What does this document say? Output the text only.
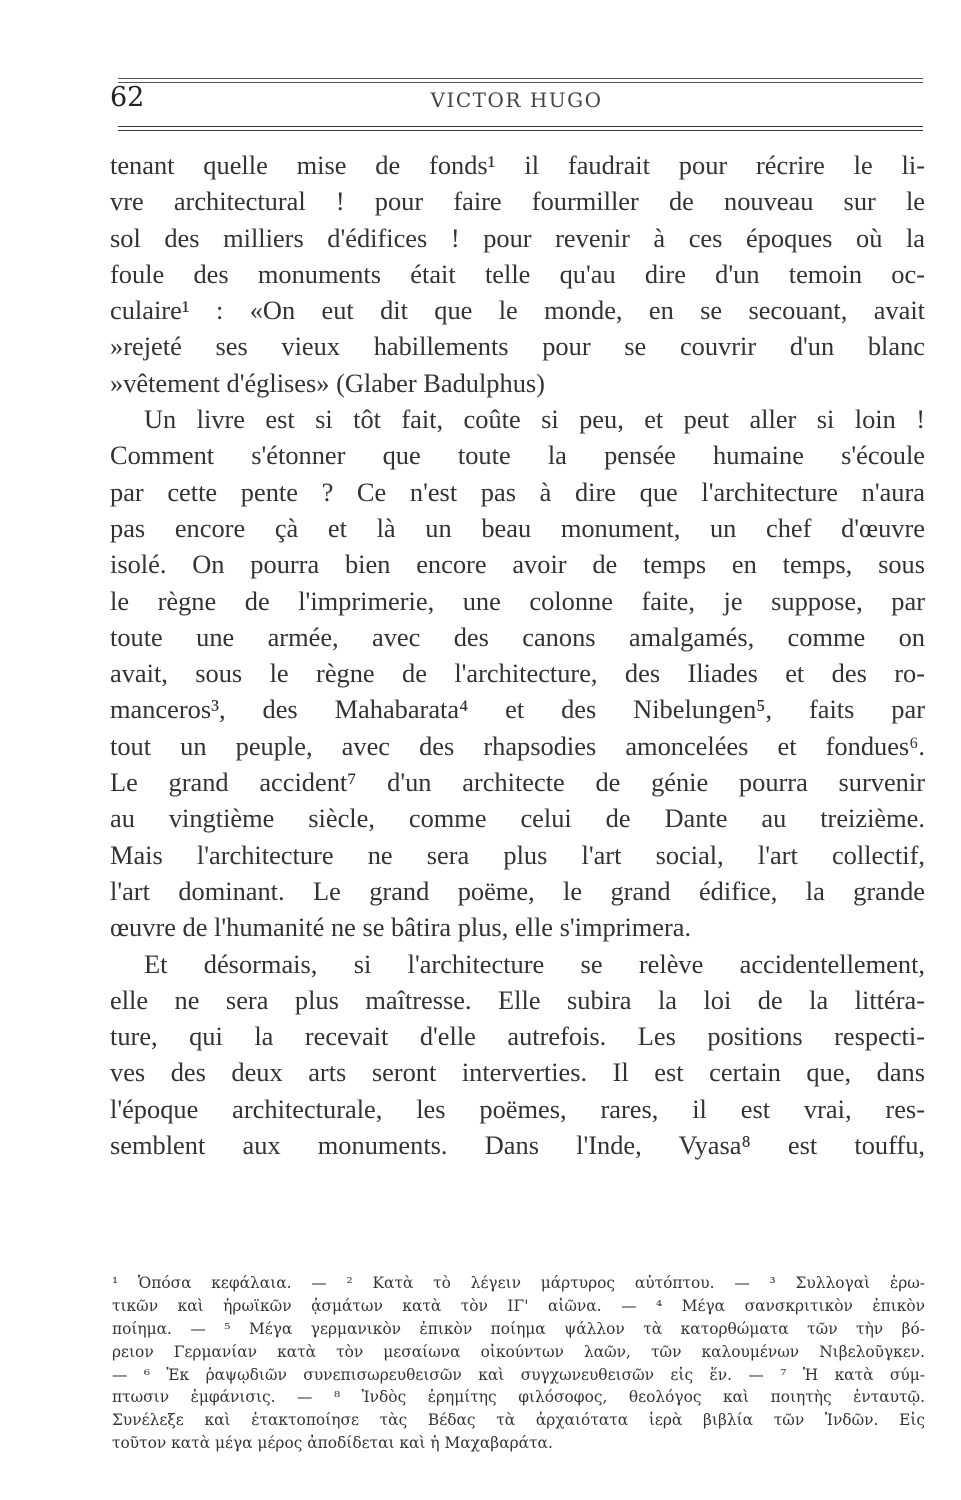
62	VICTOR HUGO
tenant quelle mise de fonds¹ il faudrait pour récrire le li-
vre architectural ! pour faire fourmiller de nouveau sur le
sol des milliers d'édifices ! pour revenir à ces époques où la
foule des monuments était telle qu'au dire d'un temoin oc-
culaire¹ : «On eut dit que le monde, en se secouant, avait
»rejeté ses vieux habillements pour se couvrir d'un blanc
»vêtement d'églises» (Glaber Badulphus)
Un livre est si tôt fait, coûte si peu, et peut aller si loin !
Comment s'étonner que toute la pensée humaine s'écoule
par cette pente ? Ce n'est pas à dire que l'architecture n'aura
pas encore çà et là un beau monument, un chef d'œuvre
isolé. On pourra bien encore avoir de temps en temps, sous
le règne de l'imprimerie, une colonne faite, je suppose, par
toute une armée, avec des canons amalgamés, comme on
avait, sous le règne de l'architecture, des Iliades et des ro-
manceros³, des Mahabarata⁴ et des Nibelungen⁵, faits par
tout un peuple, avec des rhapsodies amoncelées et fondues⁶.
Le grand accident⁷ d'un architecte de génie pourra survenir
au vingtième siècle, comme celui de Dante au treizième.
Mais l'architecture ne sera plus l'art social, l'art collectif,
l'art dominant. Le grand poëme, le grand édifice, la grande
œuvre de l'humanité ne se bâtira plus, elle s'imprimera.
Et désormais, si l'architecture se relève accidentellement,
elle ne sera plus maîtresse. Elle subira la loi de la littéra-
ture, qui la recevait d'elle autrefois. Les positions respecti-
ves des deux arts seront interverties. Il est certain que, dans
l'époque architecturale, les poëmes, rares, il est vrai, res-
semblent aux monuments. Dans l'Inde, Vyasa⁸ est touffu,
¹ Ὁπόσα κεφάλαια. — ² Κατὰ τὸ λέγειν μάρτυρος αὐτόπτου. — ³ Συλλογαὶ ἐρω-
τικῶν καὶ ἡρωϊκῶν ᾀσμάτων κατὰ τὸν ΙΓ' αἰῶνα. — ⁴ Μέγα σανσκριτικὸν ἐπικὸν
ποίημα. — ⁵ Μέγα γερμανικὸν ἐπικὸν ποίημα ψάλλον τὰ κατορθώματα τῶν τὴν βό-
ρειον Γερμανίαν κατὰ τὸν μεσαίωνα οἰκούντων λαῶν, τῶν καλουμένων Νιβελοῦγκεν.
— ⁶ Ἐκ ῥαψῳδιῶν συνεπισωρευθεισῶν καὶ συγχωνευθεισῶν εἰς ἕν. — ⁷ Ἡ κατὰ σύμ-
πτωσιν ἐμφάνισις. — ⁸ Ἰνδὸς ἐρημίτης φιλόσοφος, θεολόγος καὶ ποιητὴς ἐνταυτῷ.
Συνέλεξε καὶ ἐτακτοποίησε τὰς Βέδας τὰ ἀρχαιότατα ἱερὰ βιβλία τῶν Ἰνδῶν. Εἰς
τοῦτον κατὰ μέγα μέρος ἀποδίδεται καὶ ἡ Μαχαβαράτα.
